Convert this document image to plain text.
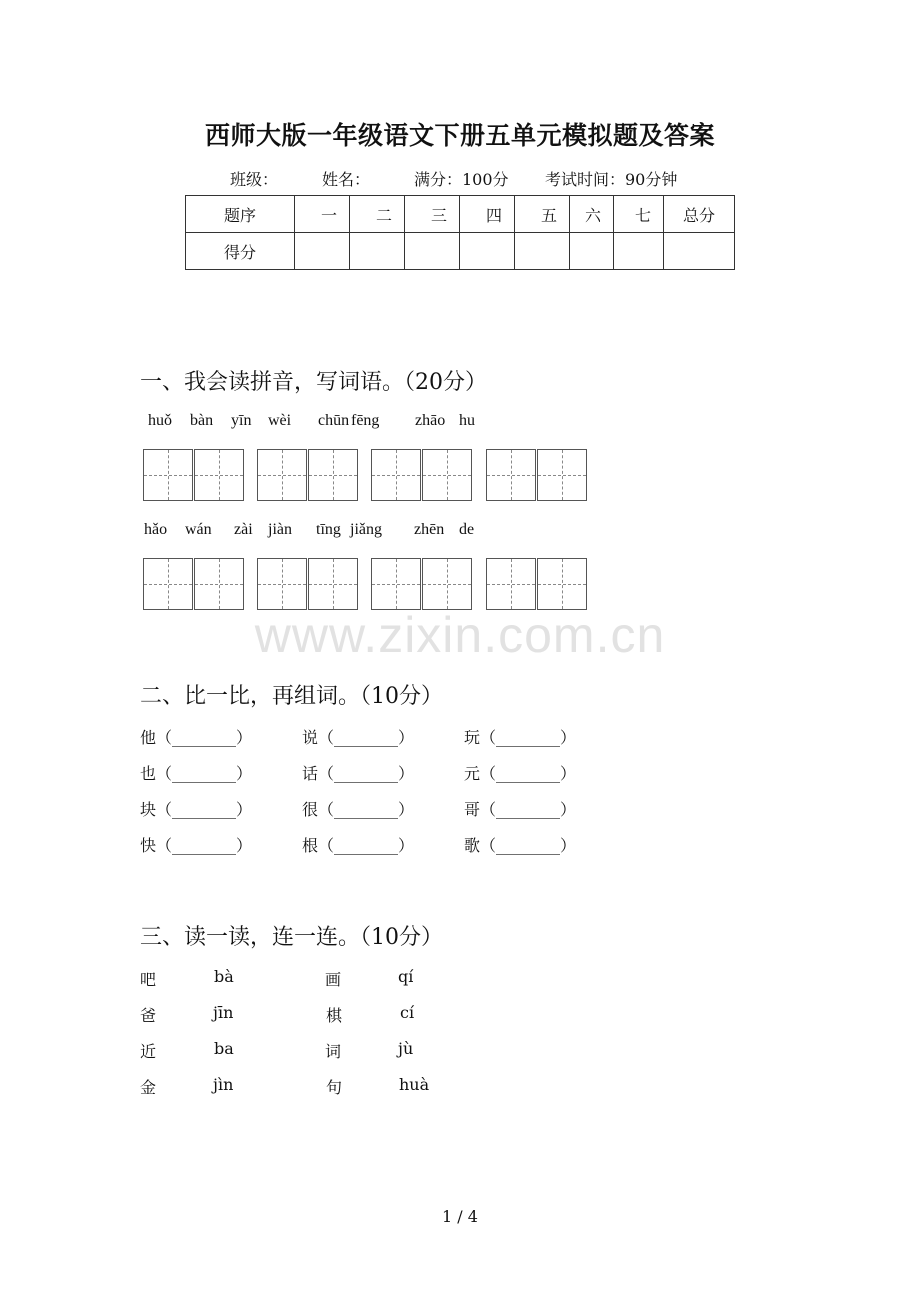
西师大版一年级语文下册五单元模拟题及答案
班级：	姓名：	满分：100分 考试时间：90分钟
题序	一	二	三	四	五	六	七	总分
得分								
一、我会读拼音，写词语。（20分）
huǒ bàn yīn wèi chūn fēng zhāo hu
hǎo wán zài jiàn tīng jiǎng zhēn de
www.zixin.com.cn
二、比一比，再组词。（10分）
他（________）	说（________）	玩（________）
也（________）	话（________）	元（________）
块（________）	很（________）	哥（________）
快（________）	根（________）	歌（________）
三、读一读，连一连。（10分）
吧	bà	画	qí
爸	jīn	棋	cí
近	ba	词	jù
金	jìn	句	huà
1 / 4
